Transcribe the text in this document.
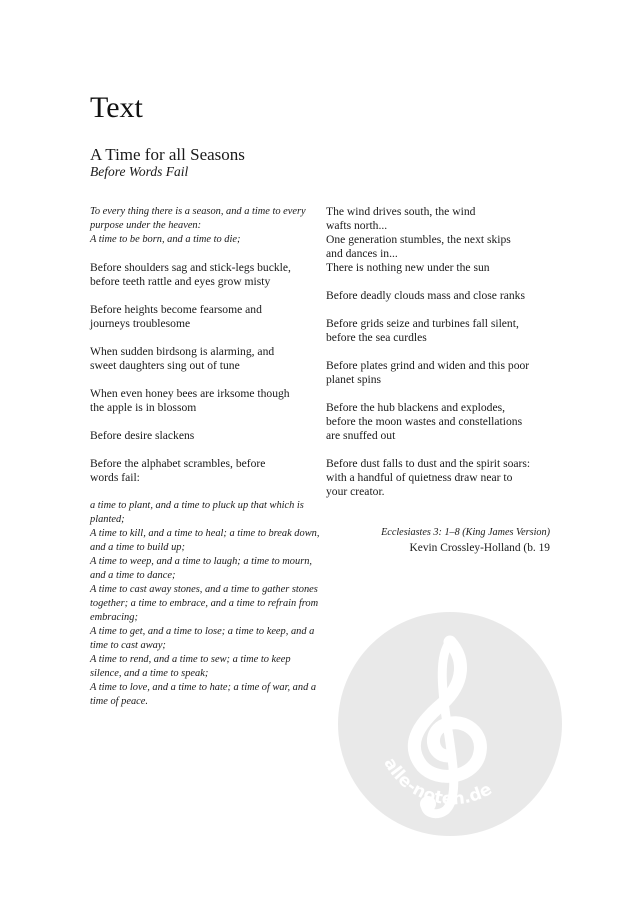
Text
A Time for all Seasons
Before Words Fail

To every thing there is a season, and a time to every purpose under the heaven:
A time to be born, and a time to die;

Before shoulders sag and stick-legs buckle,
before teeth rattle and eyes grow misty

Before heights become fearsome and
journeys troublesome

When sudden birdsong is alarming, and
sweet daughters sing out of tune

When even honey bees are irksome though
the apple is in blossom

Before desire slackens

Before the alphabet scrambles, before
words fail:

a time to plant, and a time to pluck up that which is planted;
A time to kill, and a time to heal; a time to break down, and a time to build up;
A time to weep, and a time to laugh; a time to mourn, and a time to dance;
A time to cast away stones, and a time to gather stones together; a time to embrace, and a time to refrain from embracing;
A time to get, and a time to lose; a time to keep, and a time to cast away;
A time to rend, and a time to sew; a time to keep silence, and a time to speak;
A time to love, and a time to hate; a time of war, and a time of peace.

The wind drives south, the wind
wafts north...
One generation stumbles, the next skips
and dances in...
There is nothing new under the sun

Before deadly clouds mass and close ranks

Before grids seize and turbines fall silent,
before the sea curdles

Before plates grind and widen and this poor
planet spins

Before the hub blackens and explodes,
before the moon wastes and constellations
are snuffed out

Before dust falls to dust and the spirit soars:
with a handful of quietness draw near to
your creator.

Ecclesiastes 3: 1–8 (King James Version)
Kevin Crossley-Holland (b. 19
alle-noten.de
